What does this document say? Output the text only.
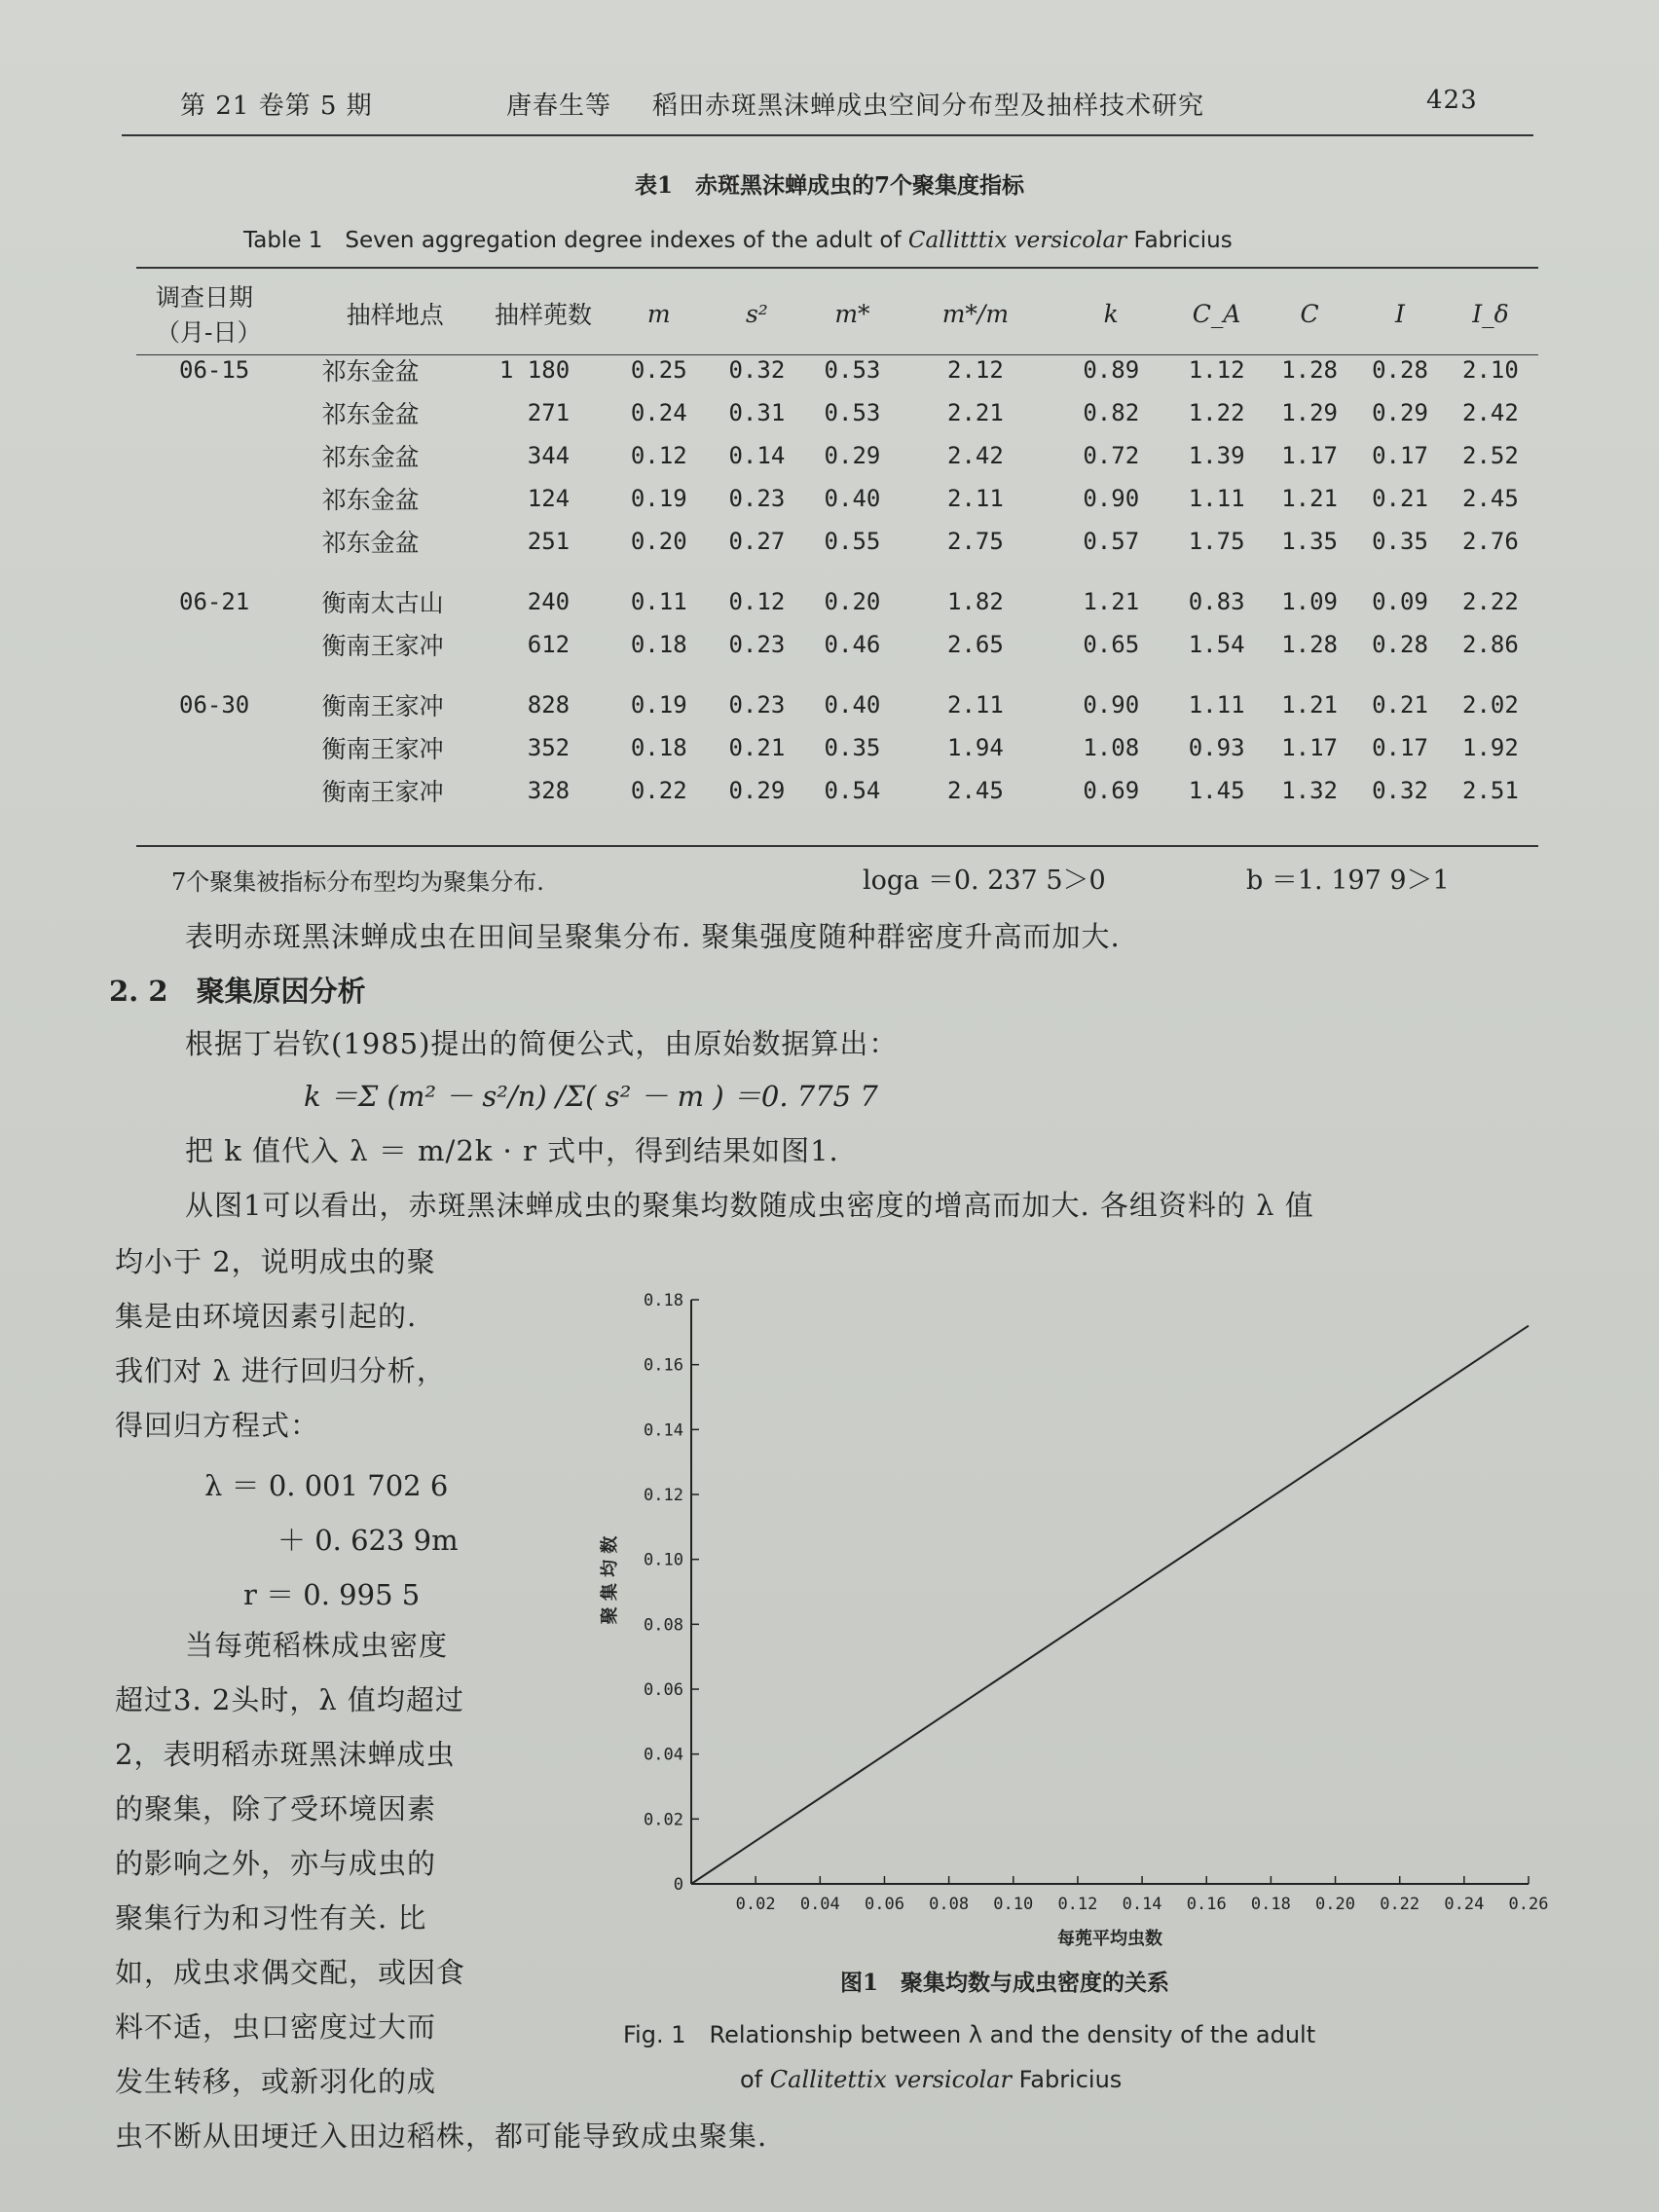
第 21 卷第 5 期	唐春生等 稻田赤斑黑沫蝉成虫空间分布型及抽样技术研究	423
表1　赤斑黑沫蝉成虫的7个聚集度指标
Table 1　Seven aggregation degree indexes of the adult of Callitttix versicolar Fabricius
调查日期
（月-日）	抽样地点	抽样蔸数	m	s²	m*	m*/m	k	C_A	C	I	I_δ
06-15	祁东金盆	1 180	0.25	0.32	0.53	2.12	0.89	1.12	1.28	0.28	2.10
	祁东金盆	271	0.24	0.31	0.53	2.21	0.82	1.22	1.29	0.29	2.42
	祁东金盆	344	0.12	0.14	0.29	2.42	0.72	1.39	1.17	0.17	2.52
	祁东金盆	124	0.19	0.23	0.40	2.11	0.90	1.11	1.21	0.21	2.45
	祁东金盆	251	0.20	0.27	0.55	2.75	0.57	1.75	1.35	0.35	2.76
06-21	衡南太古山	240	0.11	0.12	0.20	1.82	1.21	0.83	1.09	0.09	2.22
	衡南王家冲	612	0.18	0.23	0.46	2.65	0.65	1.54	1.28	0.28	2.86
06-30	衡南王家冲	828	0.19	0.23	0.40	2.11	0.90	1.11	1.21	0.21	2.02
	衡南王家冲	352	0.18	0.21	0.35	1.94	1.08	0.93	1.17	0.17	1.92
	衡南王家冲	328	0.22	0.29	0.54	2.45	0.69	1.45	1.32	0.32	2.51
7个聚集被指标分布型均为聚集分布.	loga ＝0. 237 5＞0	b ＝1. 197 9＞1
表明赤斑黑沫蝉成虫在田间呈聚集分布. 聚集强度随种群密度升高而加大.
2. 2　 聚集原因分析
根据丁岩钦(1985)提出的简便公式，由原始数据算出：
k ＝Σ (m² － s²/n) /Σ( s² － m ) ＝0. 775 7
把 k 值代入 λ ＝ m/2k · r 式中，得到结果如图1.
从图1可以看出，赤斑黑沫蝉成虫的聚集均数随成虫密度的增高而加大. 各组资料的 λ 值
均小于 2，说明成虫的聚
集是由环境因素引起的.
我们对 λ 进行回归分析，
得回归方程式：
λ ＝ 0. 001 702 6
＋ 0. 623 9m
r ＝ 0. 995 5
当每蔸稻株成虫密度
超过3. 2头时，λ 值均超过
2，表明稻赤斑黑沫蝉成虫
的聚集，除了受环境因素
的影响之外，亦与成虫的
聚集行为和习性有关. 比
如，成虫求偶交配，或因食
料不适，虫口密度过大而
发生转移，或新羽化的成
虫不断从田埂迁入田边稻株，都可能导致成虫聚集.
0
0.02
0.04
0.06
0.08
0.10
0.12
0.14
0.16
0.18
0.02 0.04 0.06 0.08 0.10 0.12 0.14 0.16 0.18 0.20 0.22 0.24 0.26
每蔸平均虫数
聚 集 均 数
图1　聚集均数与成虫密度的关系
Fig. 1　Relationship between λ and the density of the adult
of Callitettix versicolar Fabricius
